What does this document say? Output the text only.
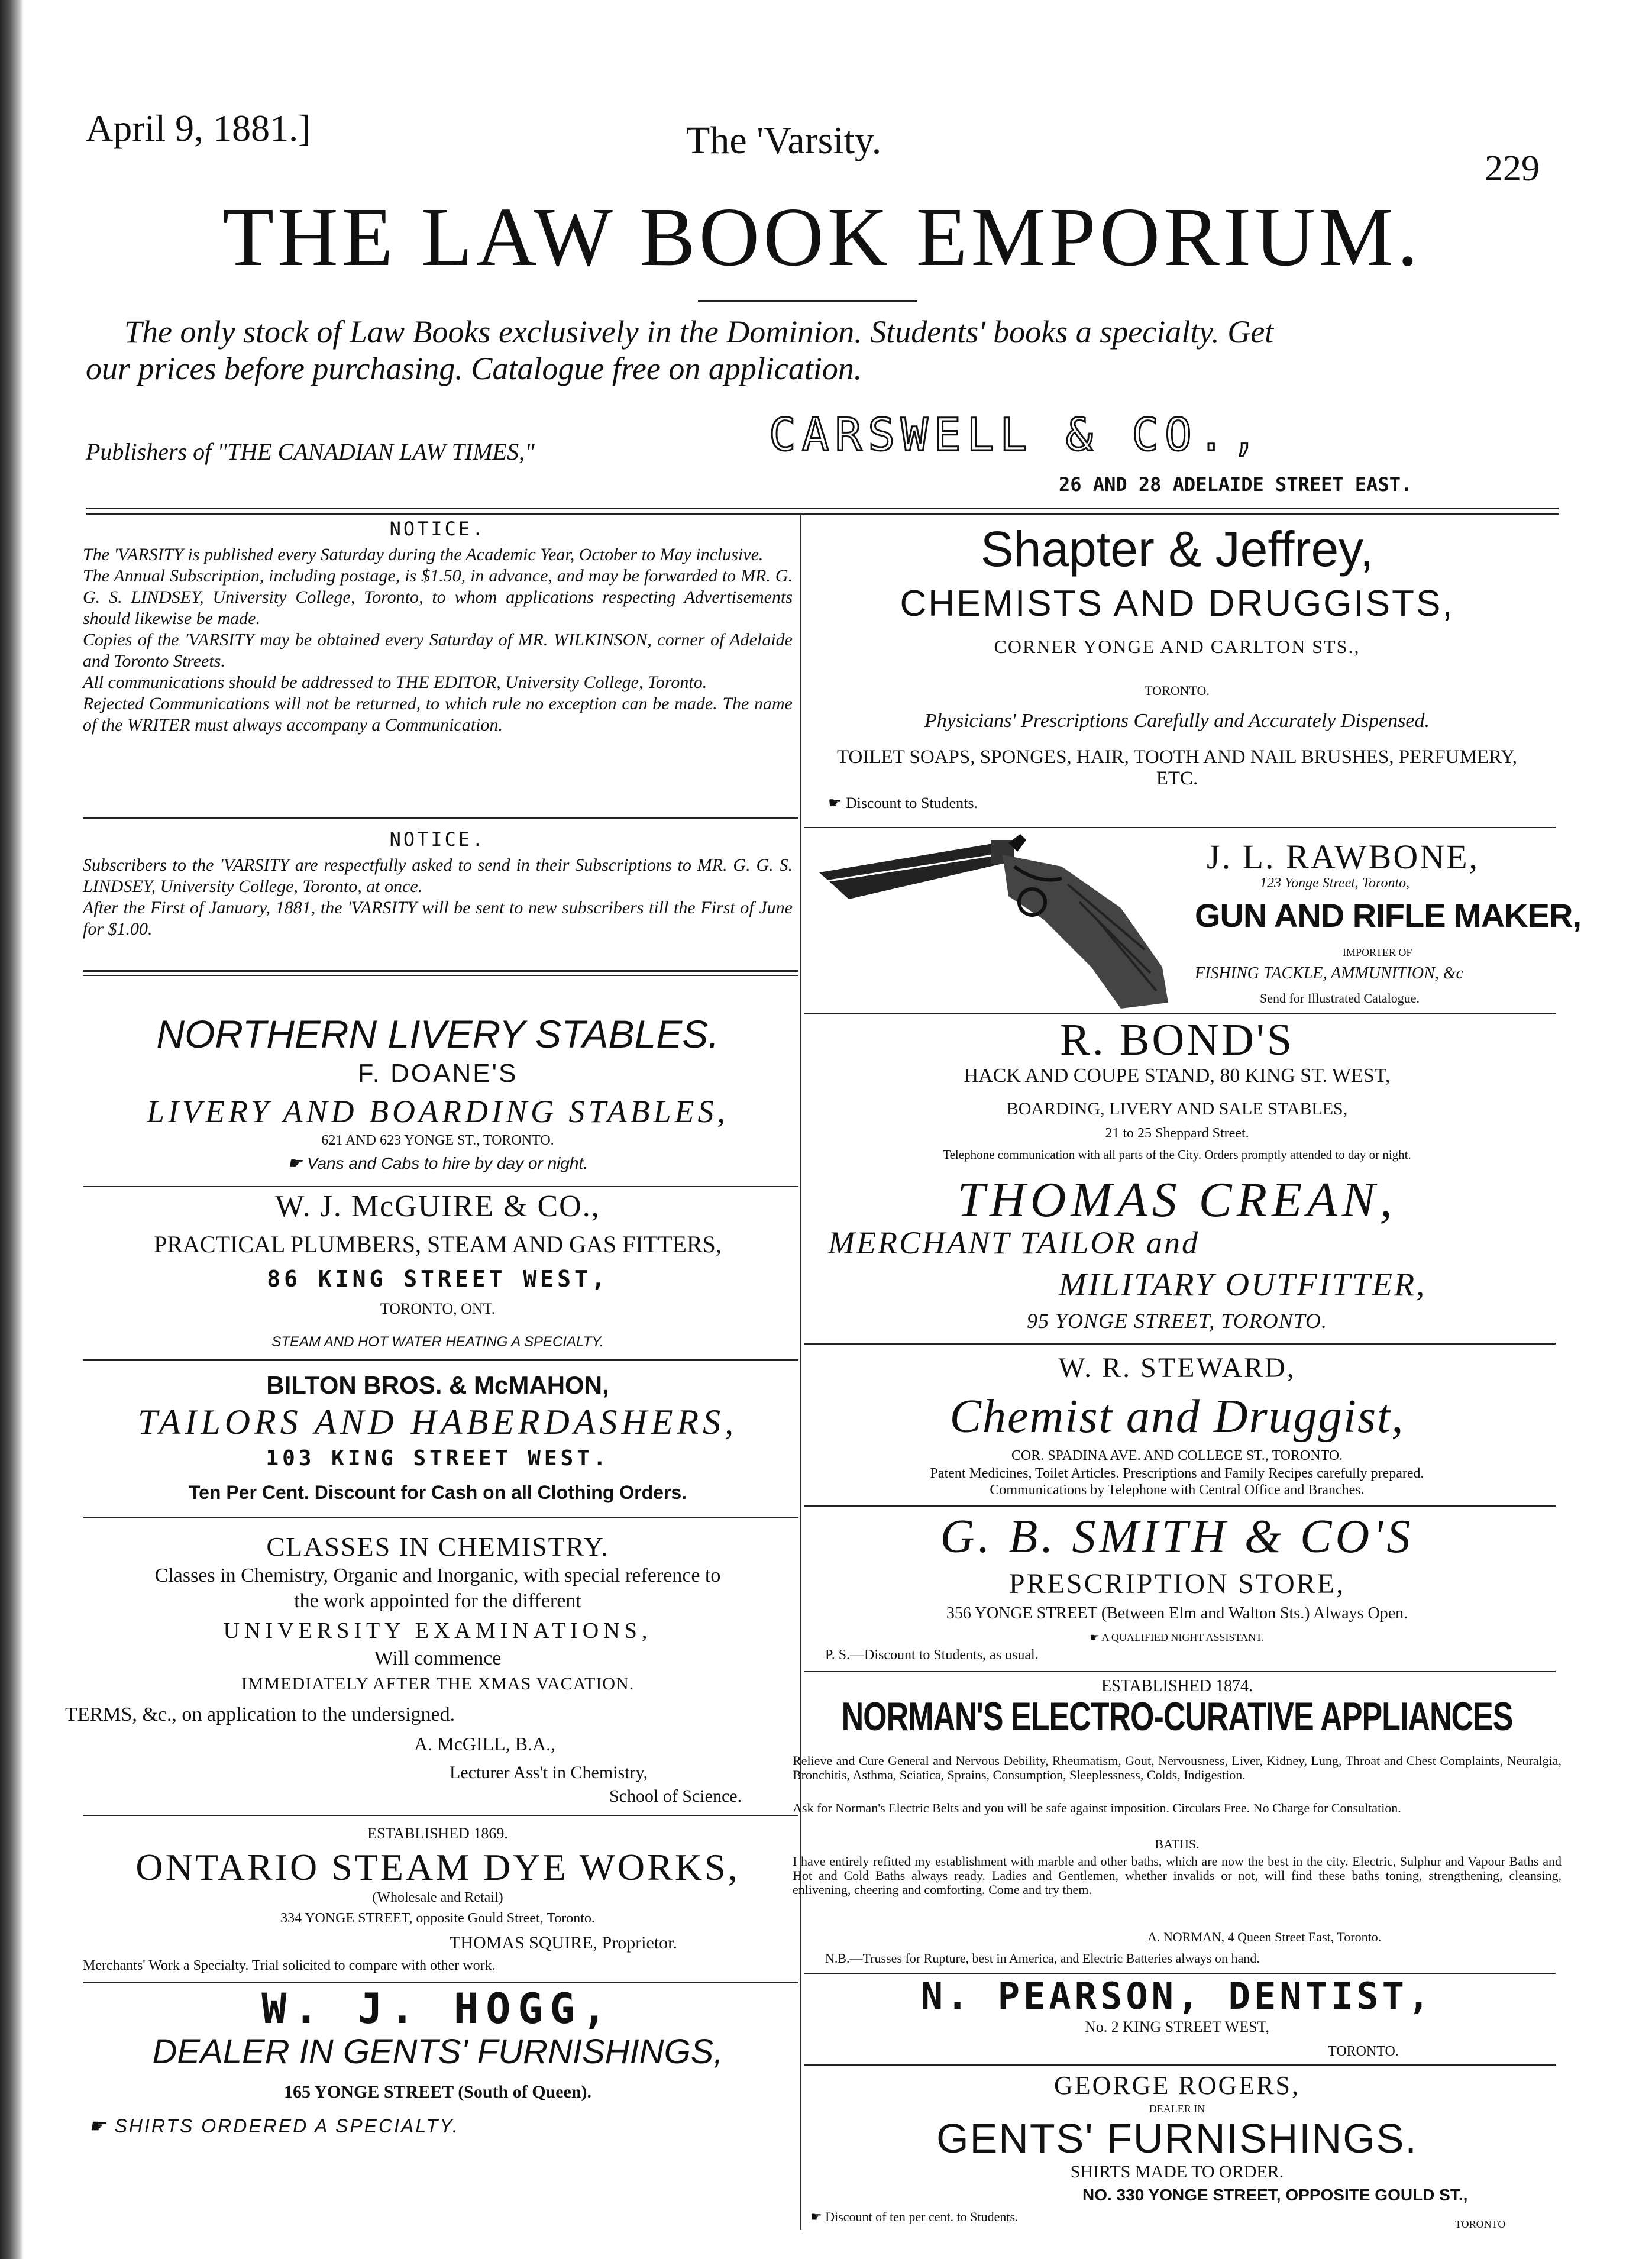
April 9, 1881.]	The 'Varsity.
229
THE LAW BOOK EMPORIUM.
The only stock of Law Books exclusively in the Dominion. Students' books a specialty. Get
our prices before purchasing. Catalogue free on application.
Publishers of "THE CANADIAN LAW TIMES,"	CARSWELL & CO.,
26 AND 28 ADELAIDE STREET EAST.
NOTICE.
The 'VARSITY is published every Saturday during the Academic Year, October to May inclusive.
The Annual Subscription, including postage, is $1.50, in advance, and may be forwarded to MR. G. G. S. LINDSEY, University College, Toronto, to whom applications respecting Advertisements should likewise be made.
Copies of the 'VARSITY may be obtained every Saturday of MR. WILKINSON, corner of Adelaide and Toronto Streets.
All communications should be addressed to THE EDITOR, University College, Toronto.
Rejected Communications will not be returned, to which rule no exception can be made. The name of the WRITER must always accompany a Communication.
NOTICE.
Subscribers to the 'VARSITY are respectfully asked to send in their Subscriptions to MR. G. G. S. LINDSEY, University College, Toronto, at once.
After the First of January, 1881, the 'VARSITY will be sent to new subscribers till the First of June for $1.00.
NORTHERN LIVERY STABLES.
F. DOANE'S
LIVERY AND BOARDING STABLES,
621 AND 623 YONGE ST., TORONTO.
☛ Vans and Cabs to hire by day or night.
W. J. McGUIRE & CO.,
PRACTICAL PLUMBERS, STEAM AND GAS FITTERS,
86 KING STREET WEST,
TORONTO, ONT.
STEAM AND HOT WATER HEATING A SPECIALTY.
BILTON BROS. & McMAHON,
TAILORS AND HABERDASHERS,
103 KING STREET WEST.
Ten Per Cent. Discount for Cash on all Clothing Orders.
CLASSES IN CHEMISTRY.
Classes in Chemistry, Organic and Inorganic, with special reference to
the work appointed for the different
UNIVERSITY EXAMINATIONS,
Will commence
IMMEDIATELY AFTER THE XMAS VACATION.
TERMS, &c., on application to the undersigned.
A. McGILL, B.A.,
Lecturer Ass't in Chemistry,
School of Science.
ESTABLISHED 1869.
ONTARIO STEAM DYE WORKS,
(Wholesale and Retail)
334 YONGE STREET, opposite Gould Street, Toronto.
THOMAS SQUIRE, Proprietor.
Merchants' Work a Specialty. Trial solicited to compare with other work.
W. J. HOGG,
DEALER IN GENTS' FURNISHINGS,
165 YONGE STREET (South of Queen).
☛ SHIRTS ORDERED A SPECIALTY.
Shapter & Jeffrey,
CHEMISTS AND DRUGGISTS,
CORNER YONGE AND CARLTON STS.,
TORONTO.
Physicians' Prescriptions Carefully and Accurately Dispensed.
TOILET SOAPS, SPONGES, HAIR, TOOTH AND NAIL BRUSHES, PERFUMERY, ETC.
☛ Discount to Students.
J. L. RAWBONE,
123 Yonge Street, Toronto,
GUN AND RIFLE MAKER,
IMPORTER OF
FISHING TACKLE, AMMUNITION, &c
Send for Illustrated Catalogue.
R. BOND'S
HACK AND COUPE STAND, 80 KING ST. WEST,
BOARDING, LIVERY AND SALE STABLES,
21 to 25 Sheppard Street.
Telephone communication with all parts of the City. Orders promptly attended to day or night.
THOMAS CREAN,
MERCHANT TAILOR and
MILITARY OUTFITTER,
95 YONGE STREET, TORONTO.
W. R. STEWARD,
Chemist and Druggist,
COR. SPADINA AVE. AND COLLEGE ST., TORONTO.
Patent Medicines, Toilet Articles. Prescriptions and Family Recipes carefully prepared.
Communications by Telephone with Central Office and Branches.
G. B. SMITH & CO'S
PRESCRIPTION STORE,
356 YONGE STREET (Between Elm and Walton Sts.) Always Open.
☛ A QUALIFIED NIGHT ASSISTANT.
P. S.—Discount to Students, as usual.
ESTABLISHED 1874.
NORMAN'S ELECTRO-CURATIVE APPLIANCES
Relieve and Cure General and Nervous Debility, Rheumatism, Gout, Nervousness, Liver, Kidney, Lung, Throat and Chest Complaints, Neuralgia, Bronchitis, Asthma, Sciatica, Sprains, Consumption, Sleeplessness, Colds, Indigestion.
Ask for Norman's Electric Belts and you will be safe against imposition. Circulars Free. No Charge for Consultation.
BATHS.
I have entirely refitted my establishment with marble and other baths, which are now the best in the city. Electric, Sulphur and Vapour Baths and Hot and Cold Baths always ready. Ladies and Gentlemen, whether invalids or not, will find these baths toning, strengthening, cleansing, enlivening, cheering and comforting. Come and try them.
A. NORMAN, 4 Queen Street East, Toronto.
N.B.—Trusses for Rupture, best in America, and Electric Batteries always on hand.
N. PEARSON, DENTIST,
No. 2 KING STREET WEST,
TORONTO.
GEORGE ROGERS,
DEALER IN
GENTS' FURNISHINGS.
SHIRTS MADE TO ORDER.
NO. 330 YONGE STREET, OPPOSITE GOULD ST.,
☛ Discount of ten per cent. to Students.	TORONTO
